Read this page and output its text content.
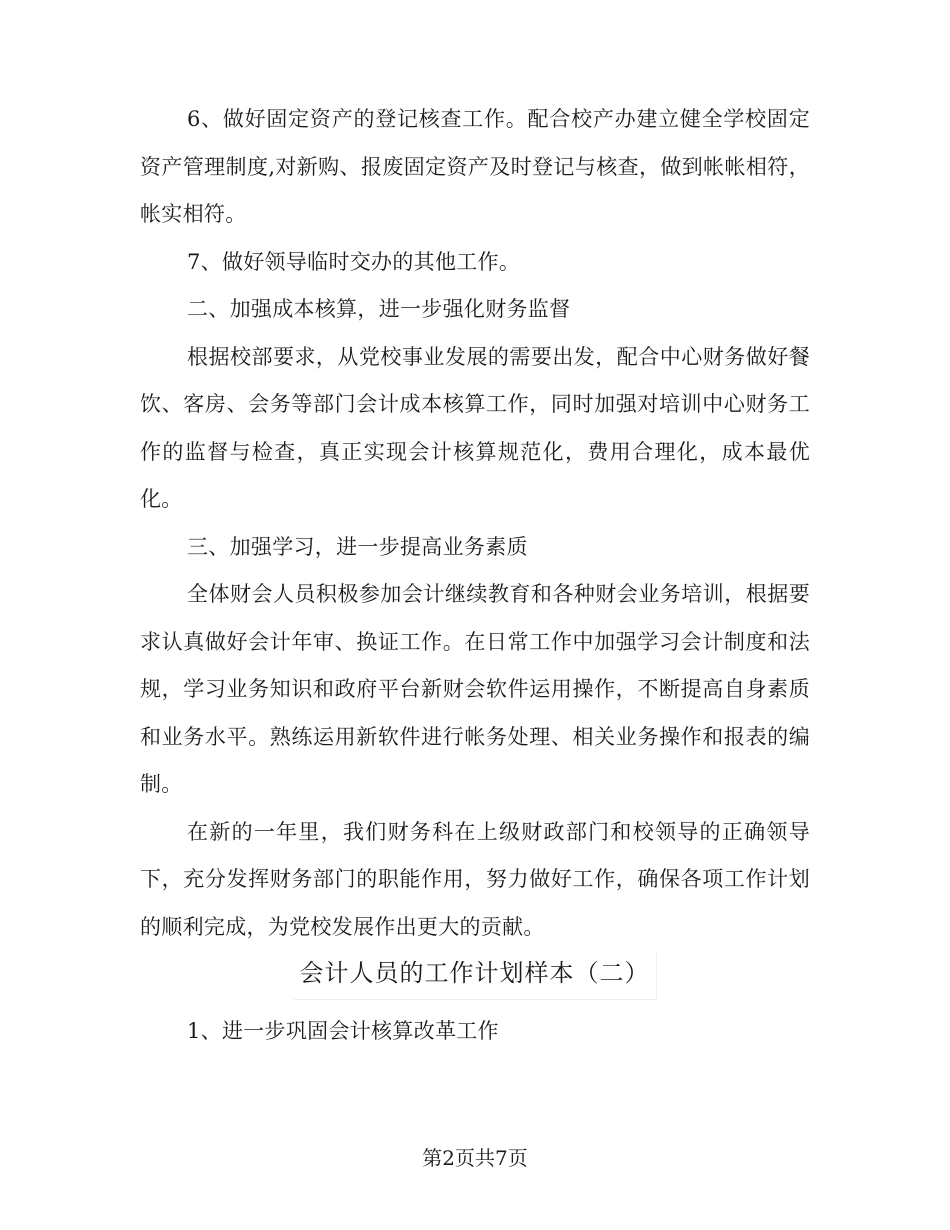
6、做好固定资产的登记核查工作。配合校产办建立健全学校固定资产管理制度,对新购、报废固定资产及时登记与核查，做到帐帐相符，帐实相符。

7、做好领导临时交办的其他工作。

二、加强成本核算，进一步强化财务监督

根据校部要求，从党校事业发展的需要出发，配合中心财务做好餐饮、客房、会务等部门会计成本核算工作，同时加强对培训中心财务工作的监督与检查，真正实现会计核算规范化，费用合理化，成本最优化。

三、加强学习，进一步提高业务素质

全体财会人员积极参加会计继续教育和各种财会业务培训，根据要求认真做好会计年审、换证工作。在日常工作中加强学习会计制度和法规，学习业务知识和政府平台新财会软件运用操作，不断提高自身素质和业务水平。熟练运用新软件进行帐务处理、相关业务操作和报表的编制。

在新的一年里，我们财务科在上级财政部门和校领导的正确领导下，充分发挥财务部门的职能作用，努力做好工作，确保各项工作计划的顺利完成，为党校发展作出更大的贡献。

会计人员的工作计划样本（二）

1、进一步巩固会计核算改革工作

第2页共7页
